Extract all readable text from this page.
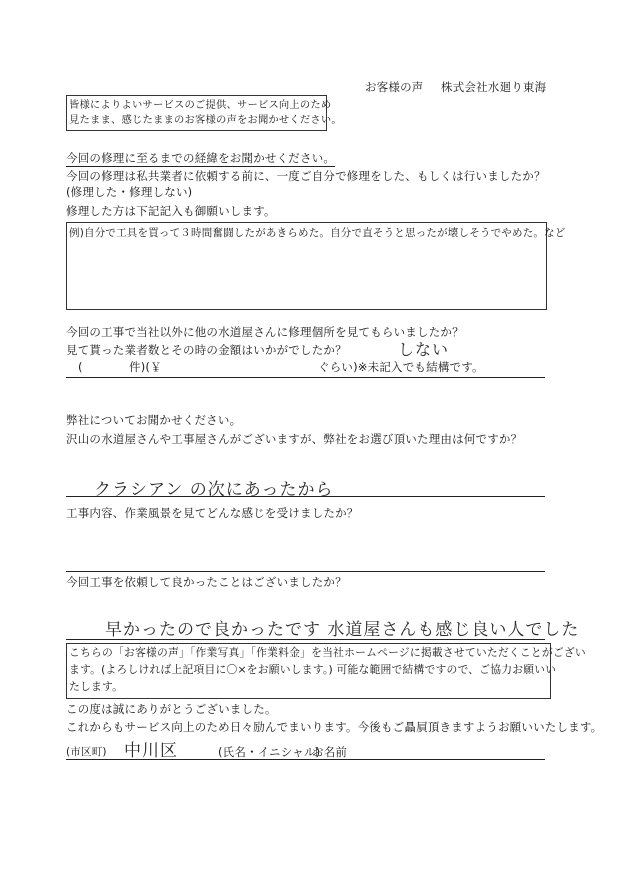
お客様の声 株式会社水廻り東海
皆様によりよいサービスのご提供、サービス向上のため
見たまま、感じたままのお客様の声をお聞かせください。
今回の修理に至るまでの経緯をお聞かせください。
今回の修理は私共業者に依頼する前に、一度ご自分で修理をした、もしくは行いましたか？
(修理した・修理しない)
修理した方は下記記入も御願いします。
例)自分で工具を買って３時間奮闘したがあきらめた。自分で直そうと思ったが壊しそうでやめた。など
今回の工事で当社以外に他の水道屋さんに修理個所を見てもらいましたか？
見て貰った業者数とその時の金額はいかがでしたか？	しない
(	件)(￥	ぐらい)※未記入でも結構です。
弊社についてお聞かせください。
沢山の水道屋さんや工事屋さんがございますが、弊社をお選び頂いた理由は何ですか？
クラシアン の次にあったから
工事内容、作業風景を見てどんな感じを受けましたか？
今回工事を依頼して良かったことはございましたか？
早かったので良かったです 水道屋さんも感じ良い人でした
こちらの「お客様の声」「作業写真」「作業料金」を当社ホームページに掲載させていただくことがござい
ます。(よろしければ上記項目に〇×をお願いします。) 可能な範囲で結構ですので、ご協力お願いい
たします。
この度は誠にありがとうございました。
これからもサービス向上のため日々励んでまいります。今後もご贔屓頂きますようお願いいたします。
(市区町) 中川区	(氏名・イニシャル)
お名前
